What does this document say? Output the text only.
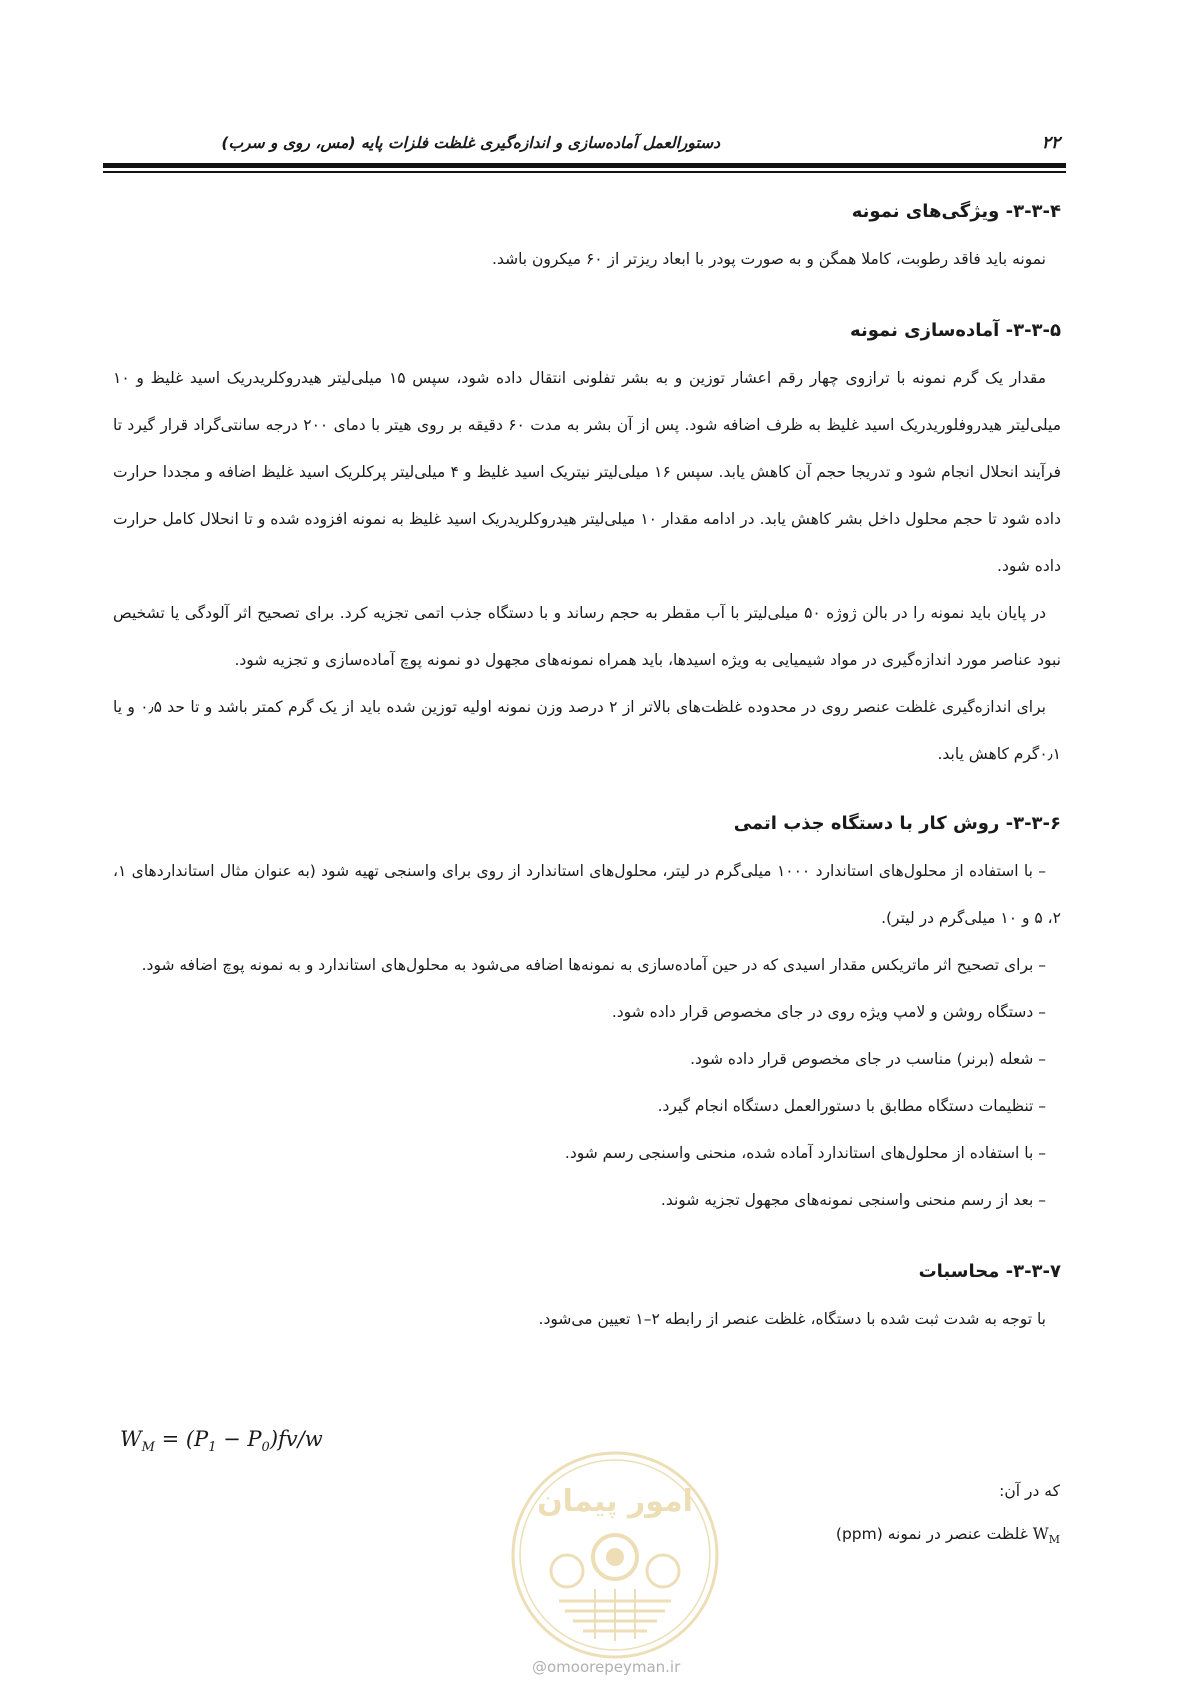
۲۲
دستورالعمل آماده‌سازی و اندازه‌گیری غلظت فلزات پایه (مس، روی و سرب)
۳-۳-۴- ویژگی‌های نمونه

نمونه باید فاقد رطوبت، کاملا همگن و به صورت پودر با ابعاد ریزتر از ۶۰ میکرون باشد.

۳-۳-۵- آماده‌سازی نمونه

مقدار یک گرم نمونه با ترازوی چهار رقم اعشار توزین و به بشر تفلونی انتقال داده شود، سپس ۱۵ میلی‌لیتر هیدروکلریدریک اسید غلیظ و ۱۰ میلی‌لیتر هیدروفلوریدریک اسید غلیظ به ظرف اضافه شود. پس از آن بشر به مدت ۶۰ دقیقه بر روی هیتر با دمای ۲۰۰ درجه سانتی‌گراد قرار گیرد تا فرآیند انحلال انجام شود و تدریجا حجم آن کاهش یابد. سپس ۱۶ میلی‌لیتر نیتریک اسید غلیظ و ۴ میلی‌لیتر پرکلریک اسید غلیظ اضافه و مجددا حرارت داده شود تا حجم محلول داخل بشر کاهش یابد. در ادامه مقدار ۱۰ میلی‌لیتر هیدروکلریدریک اسید غلیظ به نمونه افزوده شده و تا انحلال کامل حرارت داده شود.

در پایان باید نمونه را در بالن ژوژه ۵۰ میلی‌لیتر با آب مقطر به حجم رساند و با دستگاه جذب اتمی تجزیه کرد. برای تصحیح اثر آلودگی یا تشخیص نبود عناصر مورد اندازه‌گیری در مواد شیمیایی به ویژه اسیدها، باید همراه نمونه‌های مجهول دو نمونه پوچ آماده‌سازی و تجزیه شود.

برای اندازه‌گیری غلظت عنصر روی در محدوده غلظت‌های بالاتر از ۲ درصد وزن نمونه اولیه توزین شده باید از یک گرم کمتر باشد و تا حد ۰٫۵ و یا ۰٫۱گرم کاهش یابد.

۳-۳-۶- روش کار با دستگاه جذب اتمی

– با استفاده از محلول‌های استاندارد ۱۰۰۰ میلی‌گرم در لیتر، محلول‌های استاندارد از روی برای واسنجی تهیه شود (به عنوان مثال استانداردهای ۱، ۲، ۵ و ۱۰ میلی‌گرم در لیتر).

– برای تصحیح اثر ماتریکس مقدار اسیدی که در حین آماده‌سازی به نمونه‌ها اضافه می‌شود به محلول‌های استاندارد و به نمونه پوچ اضافه شود.

– دستگاه روشن و لامپ ویژه روی در جای مخصوص قرار داده شود.
– شعله (برنر) مناسب در جای مخصوص قرار داده شود.
– تنظیمات دستگاه مطابق با دستورالعمل دستگاه انجام گیرد.
– با استفاده از محلول‌های استاندارد آماده شده، منحنی واسنجی رسم شود.
– بعد از رسم منحنی واسنجی نمونه‌های مجهول تجزیه شوند.
۳-۳-۷- محاسبات

با توجه به شدت ثبت شده با دستگاه، غلظت عنصر از رابطه ۲–۱ تعیین می‌شود.

$W_M = (P_1 - P_0)fv/w$
امور پیمان
@omoorepeyman.ir
که در آن:
$W_M$ غلظت عنصر در نمونه (ppm)
